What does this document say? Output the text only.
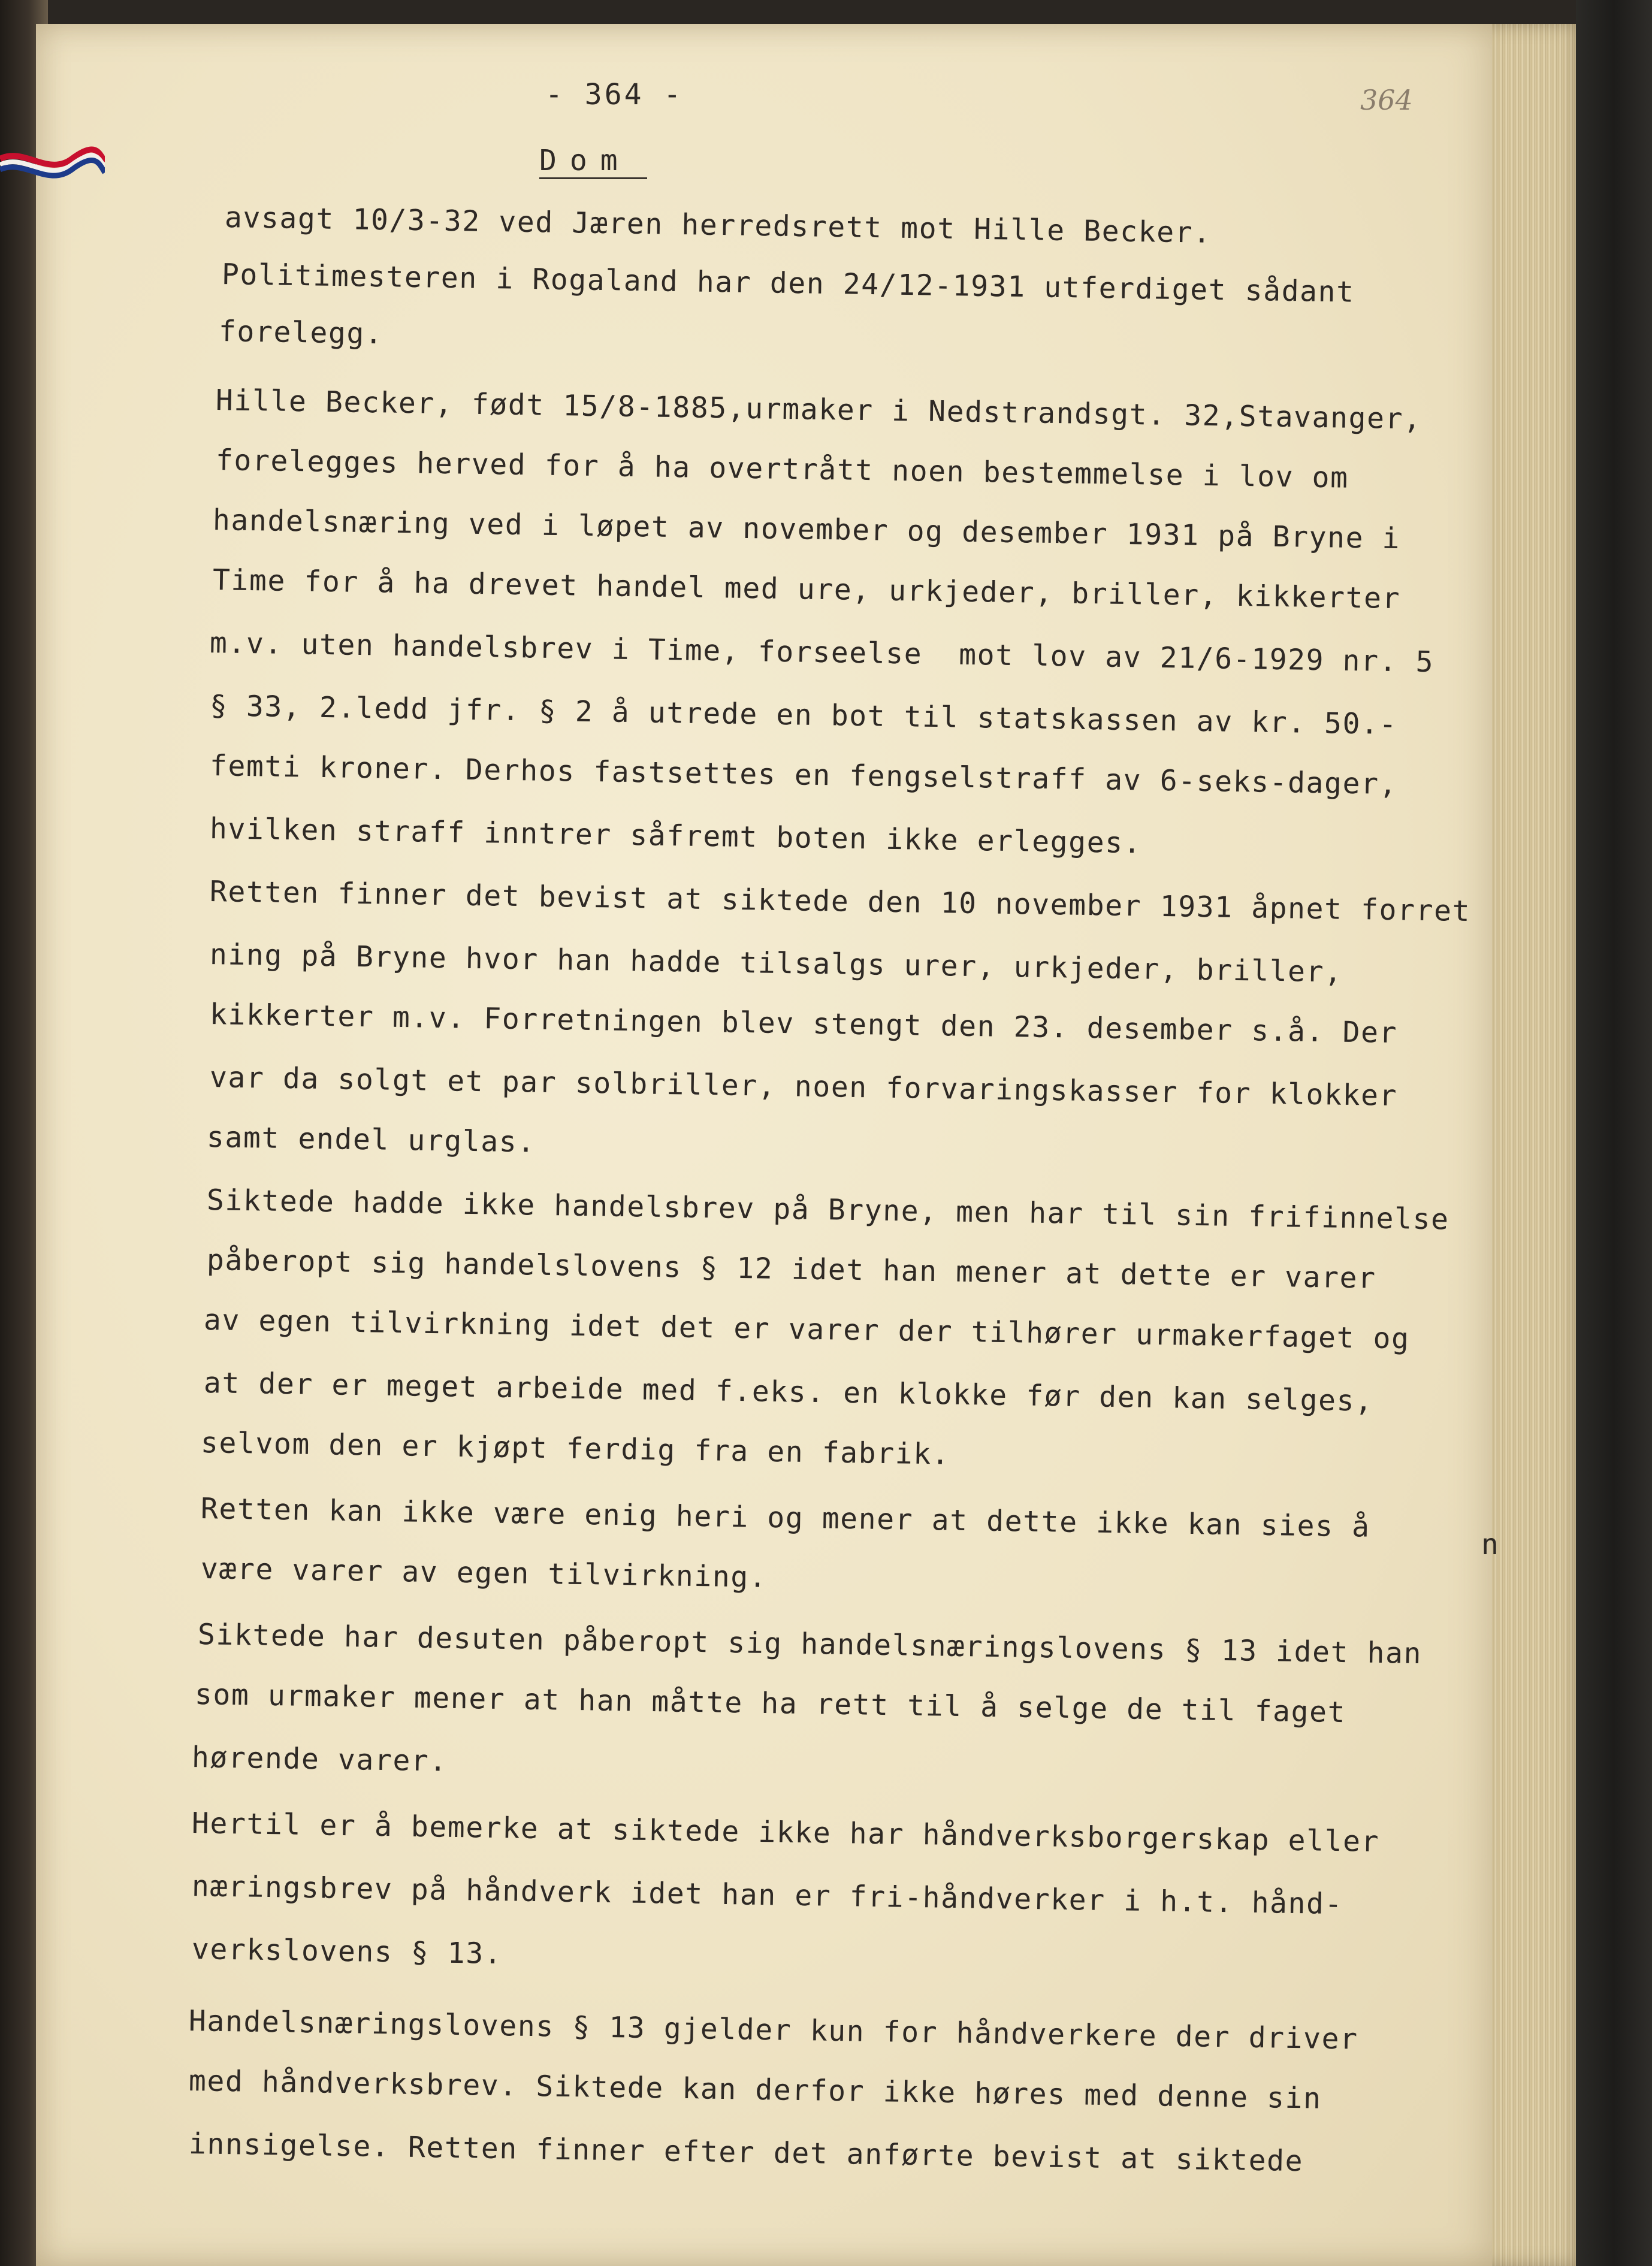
- 364 -	364
Dom
avsagt 10/3-32 ved Jæren herredsrett mot Hille Becker.
Politimesteren i Rogaland har den 24/12-1931 utferdiget sådant
forelegg.
Hille Becker, født 15/8-1885,urmaker i Nedstrandsgt. 32,Stavanger,
forelegges herved for å ha overtrått noen bestemmelse i lov om
handelsnæring ved i løpet av november og desember 1931 på Bryne i
Time for å ha drevet handel med ure, urkjeder, briller, kikkerter
m.v. uten handelsbrev i Time, forseelse  mot lov av 21/6-1929 nr. 5
§ 33, 2.ledd jfr. § 2 å utrede en bot til statskassen av kr. 50.-
femti kroner. Derhos fastsettes en fengselstraff av 6-seks-dager,
hvilken straff inntrer såfremt boten ikke erlegges.
Retten finner det bevist at siktede den 10 november 1931 åpnet forret
ning på Bryne hvor han hadde tilsalgs urer, urkjeder, briller,
kikkerter m.v. Forretningen blev stengt den 23. desember s.å. Der
var da solgt et par solbriller, noen forvaringskasser for klokker
samt endel urglas.
Siktede hadde ikke handelsbrev på Bryne, men har til sin frifinnelse
påberopt sig handelslovens § 12 idet han mener at dette er varer
av egen tilvirkning idet det er varer der tilhører urmakerfaget og
at der er meget arbeide med f.eks. en klokke før den kan selges,
selvom den er kjøpt ferdig fra en fabrik.
Retten kan ikke være enig heri og mener at dette ikke kan sies å
være varer av egen tilvirkning.
Siktede har desuten påberopt sig handelsnæringslovens § 13 idet han
som urmaker mener at han måtte ha rett til å selge de til faget
hørende varer.
Hertil er å bemerke at siktede ikke har håndverksborgerskap eller
næringsbrev på håndverk idet han er fri-håndverker i h.t. hånd-
verkslovens § 13.
Handelsnæringslovens § 13 gjelder kun for håndverkere der driver
med håndverksbrev. Siktede kan derfor ikke høres med denne sin
innsigelse. Retten finner efter det anførte bevist at siktede
n
